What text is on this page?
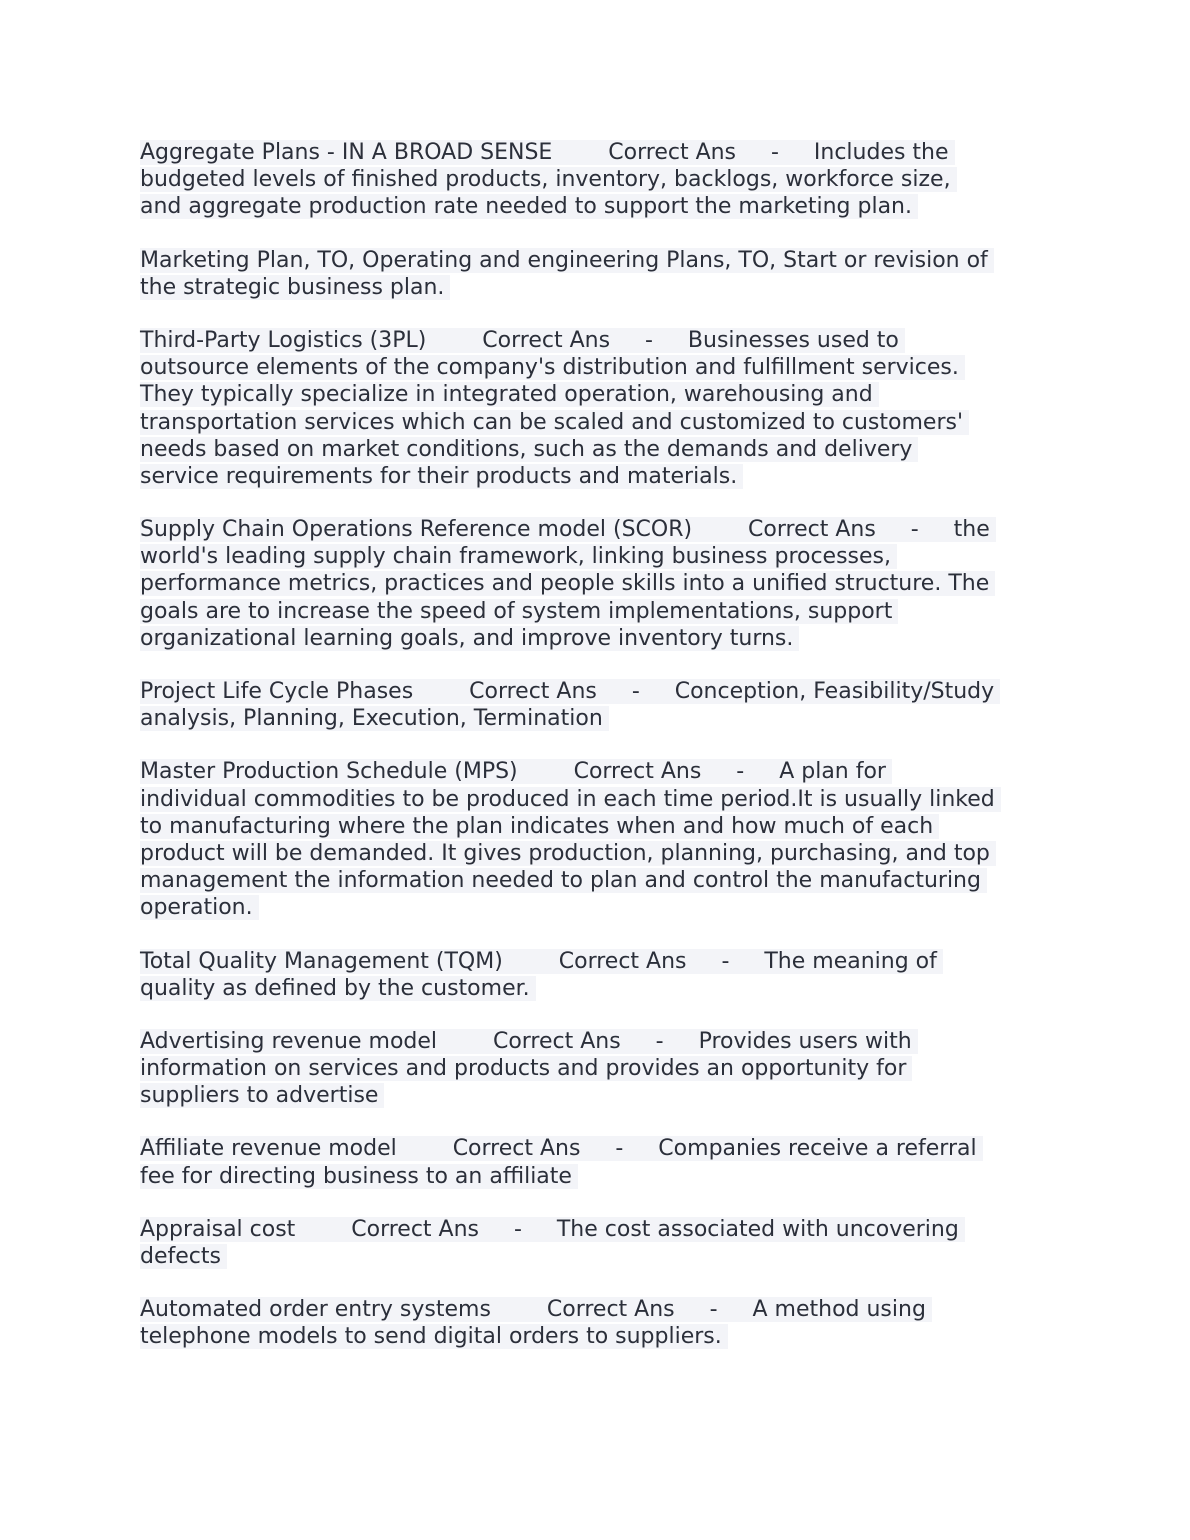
Aggregate Plans - IN A BROAD SENSE        Correct Ans     -     Includes the
budgeted levels of finished products, inventory, backlogs, workforce size,
and aggregate production rate needed to support the marketing plan.
Marketing Plan, TO, Operating and engineering Plans, TO, Start or revision of
the strategic business plan.
Third-Party Logistics (3PL)        Correct Ans     -     Businesses used to
outsource elements of the company's distribution and fulfillment services.
They typically specialize in integrated operation, warehousing and
transportation services which can be scaled and customized to customers'
needs based on market conditions, such as the demands and delivery
service requirements for their products and materials.
Supply Chain Operations Reference model (SCOR)        Correct Ans     -     the
world's leading supply chain framework, linking business processes,
performance metrics, practices and people skills into a unified structure. The
goals are to increase the speed of system implementations, support
organizational learning goals, and improve inventory turns.
Project Life Cycle Phases        Correct Ans     -     Conception, Feasibility/Study
analysis, Planning, Execution, Termination
Master Production Schedule (MPS)        Correct Ans     -     A plan for
individual commodities to be produced in each time period.It is usually linked
to manufacturing where the plan indicates when and how much of each
product will be demanded. It gives production, planning, purchasing, and top
management the information needed to plan and control the manufacturing
operation.
Total Quality Management (TQM)        Correct Ans     -     The meaning of
quality as defined by the customer.
Advertising revenue model        Correct Ans     -     Provides users with
information on services and products and provides an opportunity for
suppliers to advertise
Affiliate revenue model        Correct Ans     -     Companies receive a referral
fee for directing business to an affiliate
Appraisal cost        Correct Ans     -     The cost associated with uncovering
defects
Automated order entry systems        Correct Ans     -     A method using
telephone models to send digital orders to suppliers.
